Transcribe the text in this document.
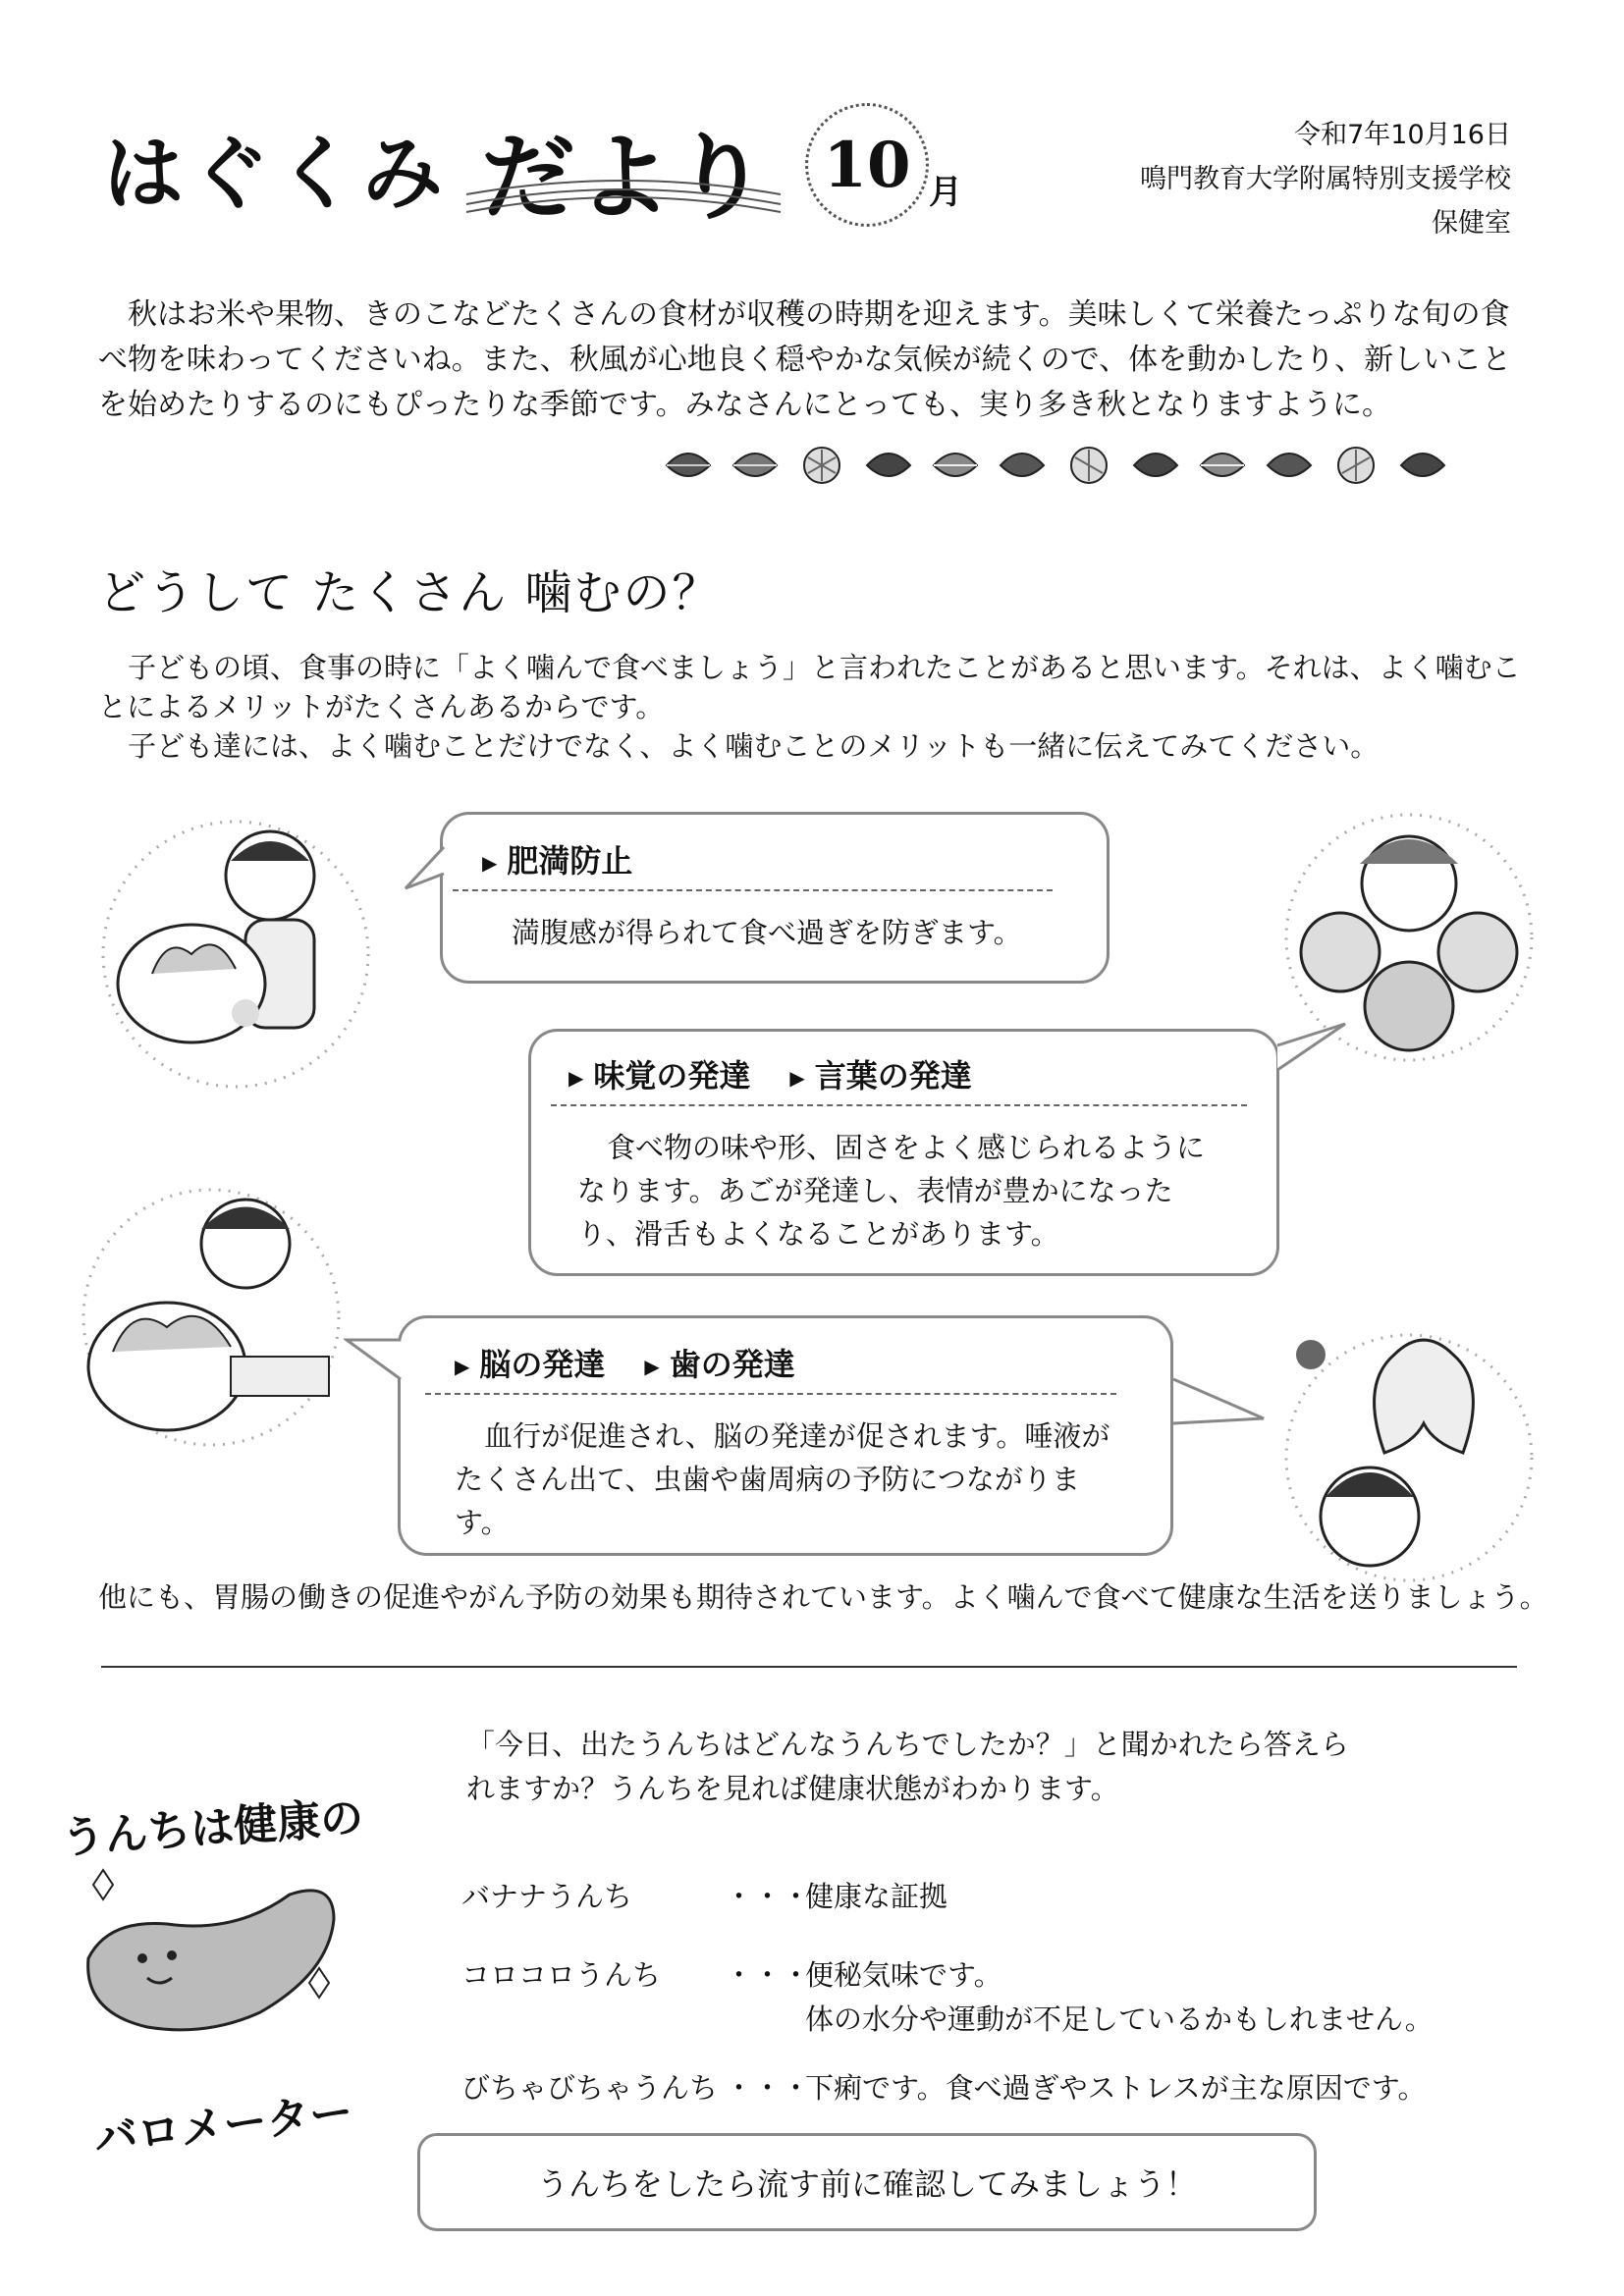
はぐくみ だより 10 月
令和7年10月16日
鳴門教育大学附属特別支援学校
保健室
秋はお米や果物、きのこなどたくさんの食材が収穫の時期を迎えます。美味しくて栄養たっぷりな旬の食べ物を味わってくださいね。また、秋風が心地良く穏やかな気候が続くので、体を動かしたり、新しいことを始めたりするのにもぴったりな季節です。みなさんにとっても、実り多き秋となりますように。
どうして たくさん 噛むの？

子どもの頃、食事の時に「よく噛んで食べましょう」と言われたことがあると思います。それは、よく噛むことによるメリットがたくさんあるからです。

子ども達には、よく噛むことだけでなく、よく噛むことのメリットも一緒に伝えてみてください。

▶ 肥満防止
満腹感が得られて食べ過ぎを防ぎます。
▶ 味覚の発達 ▶ 言葉の発達
食べ物の味や形、固さをよく感じられるようになります。あごが発達し、表情が豊かになったり、滑舌もよくなることがあります。
▶ 脳の発達 ▶ 歯の発達
血行が促進され、脳の発達が促されます。唾液がたくさん出て、虫歯や歯周病の予防につながります。
他にも、胃腸の働きの促進やがん予防の効果も期待されています。よく噛んで食べて健康な生活を送りましょう。
うんちは健康の
バロメーター
「今日、出たうんちはどんなうんちでしたか？」と聞かれたら答えられますか？うんちを見れば健康状態がわかります。
バナナうんち	・・・
健康な証拠
コロコロうんち ・・・
便秘気味です。
体の水分や運動が不足しているかもしれません。
びちゃびちゃうんち ・・・
下痢です。食べ過ぎやストレスが主な原因です。
うんちをしたら流す前に確認してみましょう！
